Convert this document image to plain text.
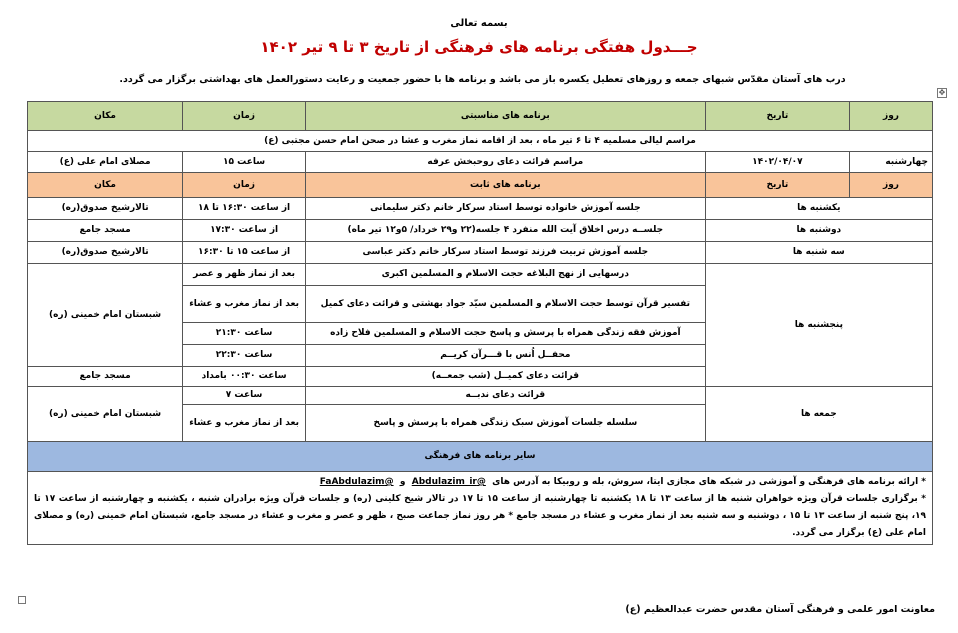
بسمه تعالی
جـــدول هفتگی برنامه های فرهنگی از تاریخ ۳ تا ۹ تیر ۱۴۰۲
درب های آستان مقدّس شبهای جمعه و روزهای تعطیل یکسره باز می باشد و برنامه ها با حضور جمعیت و رعایت دستورالعمل های بهداشتی برگزار می گردد.
✥
روز	تاریخ	برنامه های مناسبتی	زمان	مکان
مراسم لیالی مسلمیه ۴ تا ۶ تیر ماه ، بعد از اقامه نماز مغرب و عشا در صحن امام حسن مجتبی (ع)				
چهارشنبه	۱۴۰۲/۰۴/۰۷	مراسم قرائت دعای روحبخش عرفه	ساعت ۱۵	مصلای امام علی (ع)
روز	تاریخ	برنامه های ثابت	زمان	مکان
یکشنبه ها		جلسه آموزش خانواده توسط استاد سرکار خانم دکتر سلیمانی	از ساعت ۱۶:۳۰ تا ۱۸	تالارشیخ صدوق(ره)
دوشنبه ها		جلســه درس اخلاق آیت الله منفرد ۴ جلسه(۲۲ و۲۹ خرداد/ ۵و۱۲ تیر ماه)	از ساعت ۱۷:۳۰	مسجد جامع
سه شنبه ها		جلسه آموزش تربیت فرزند توسط استاد سرکار خانم دکتر عباسی	از ساعت ۱۵ تا ۱۶:۳۰	تالارشیخ صدوق(ره)
پنجشنبه ها		درسهایی از نهج البلاغه حجت الاسلام و المسلمین اکبری	بعد از نماز ظهر و عصر	شبستان امام خمینی (ره)
		تفسیر قرآن توسط حجت الاسلام و المسلمین سیّد جواد بهشتی و قرائت دعای کمیل	بعد از نماز مغرب و عشاء	
		آموزش فقه زندگی همراه با پرسش و پاسخ حجت الاسلام و المسلمین فلاح زاده	ساعت ۲۱:۳۰	
		محفــل اُنس با قـــرآن کریــم	ساعت ۲۲:۳۰	
		قرائت دعای کمیــل (شب جمعــه)	ساعت ۰۰:۳۰ بامداد	مسجد جامع
جمعه ها		قرائت دعای ندبــه	ساعت ۷	شبستان امام خمینی (ره)
		سلسله جلسات آموزش سبک زندگی همراه با پرسش و پاسخ	بعد از نماز مغرب و عشاء	
سایر برنامه های فرهنگی				

* ارائه برنامه های فرهنگی و آموزشی در شبکه های مجازی ایتا، سروش، بله و روبیکا به آدرس های  @Abdulazim_ir  و  @FaAbdulazim
* برگزاری جلسات قرآن ویژه خواهران شنبه ها از ساعت ۱۳ تا ۱۸ یکشنبه تا چهارشنبه از ساعت ۱۵ تا ۱۷ در تالار شیخ کلینی (ره) و جلسات قرآن ویژه برادران شنبه ، یکشنبه و چهارشنبه از ساعت ۱۷ تا ۱۹، پنج شنبه از ساعت ۱۳ تا ۱۵ ، دوشنبه و سه شنبه بعد از نماز مغرب و عشاء در مسجد جامع * هر روز نماز جماعت صبح ، ظهر و عصر و مغرب و عشاء در مسجد جامع، شبستان امام خمینی (ره) و مصلای امام علی (ع) برگزار می گردد.				
معاونت امور علمی و فرهنگی آستان مقدس حضرت عبدالعظیم (ع)
